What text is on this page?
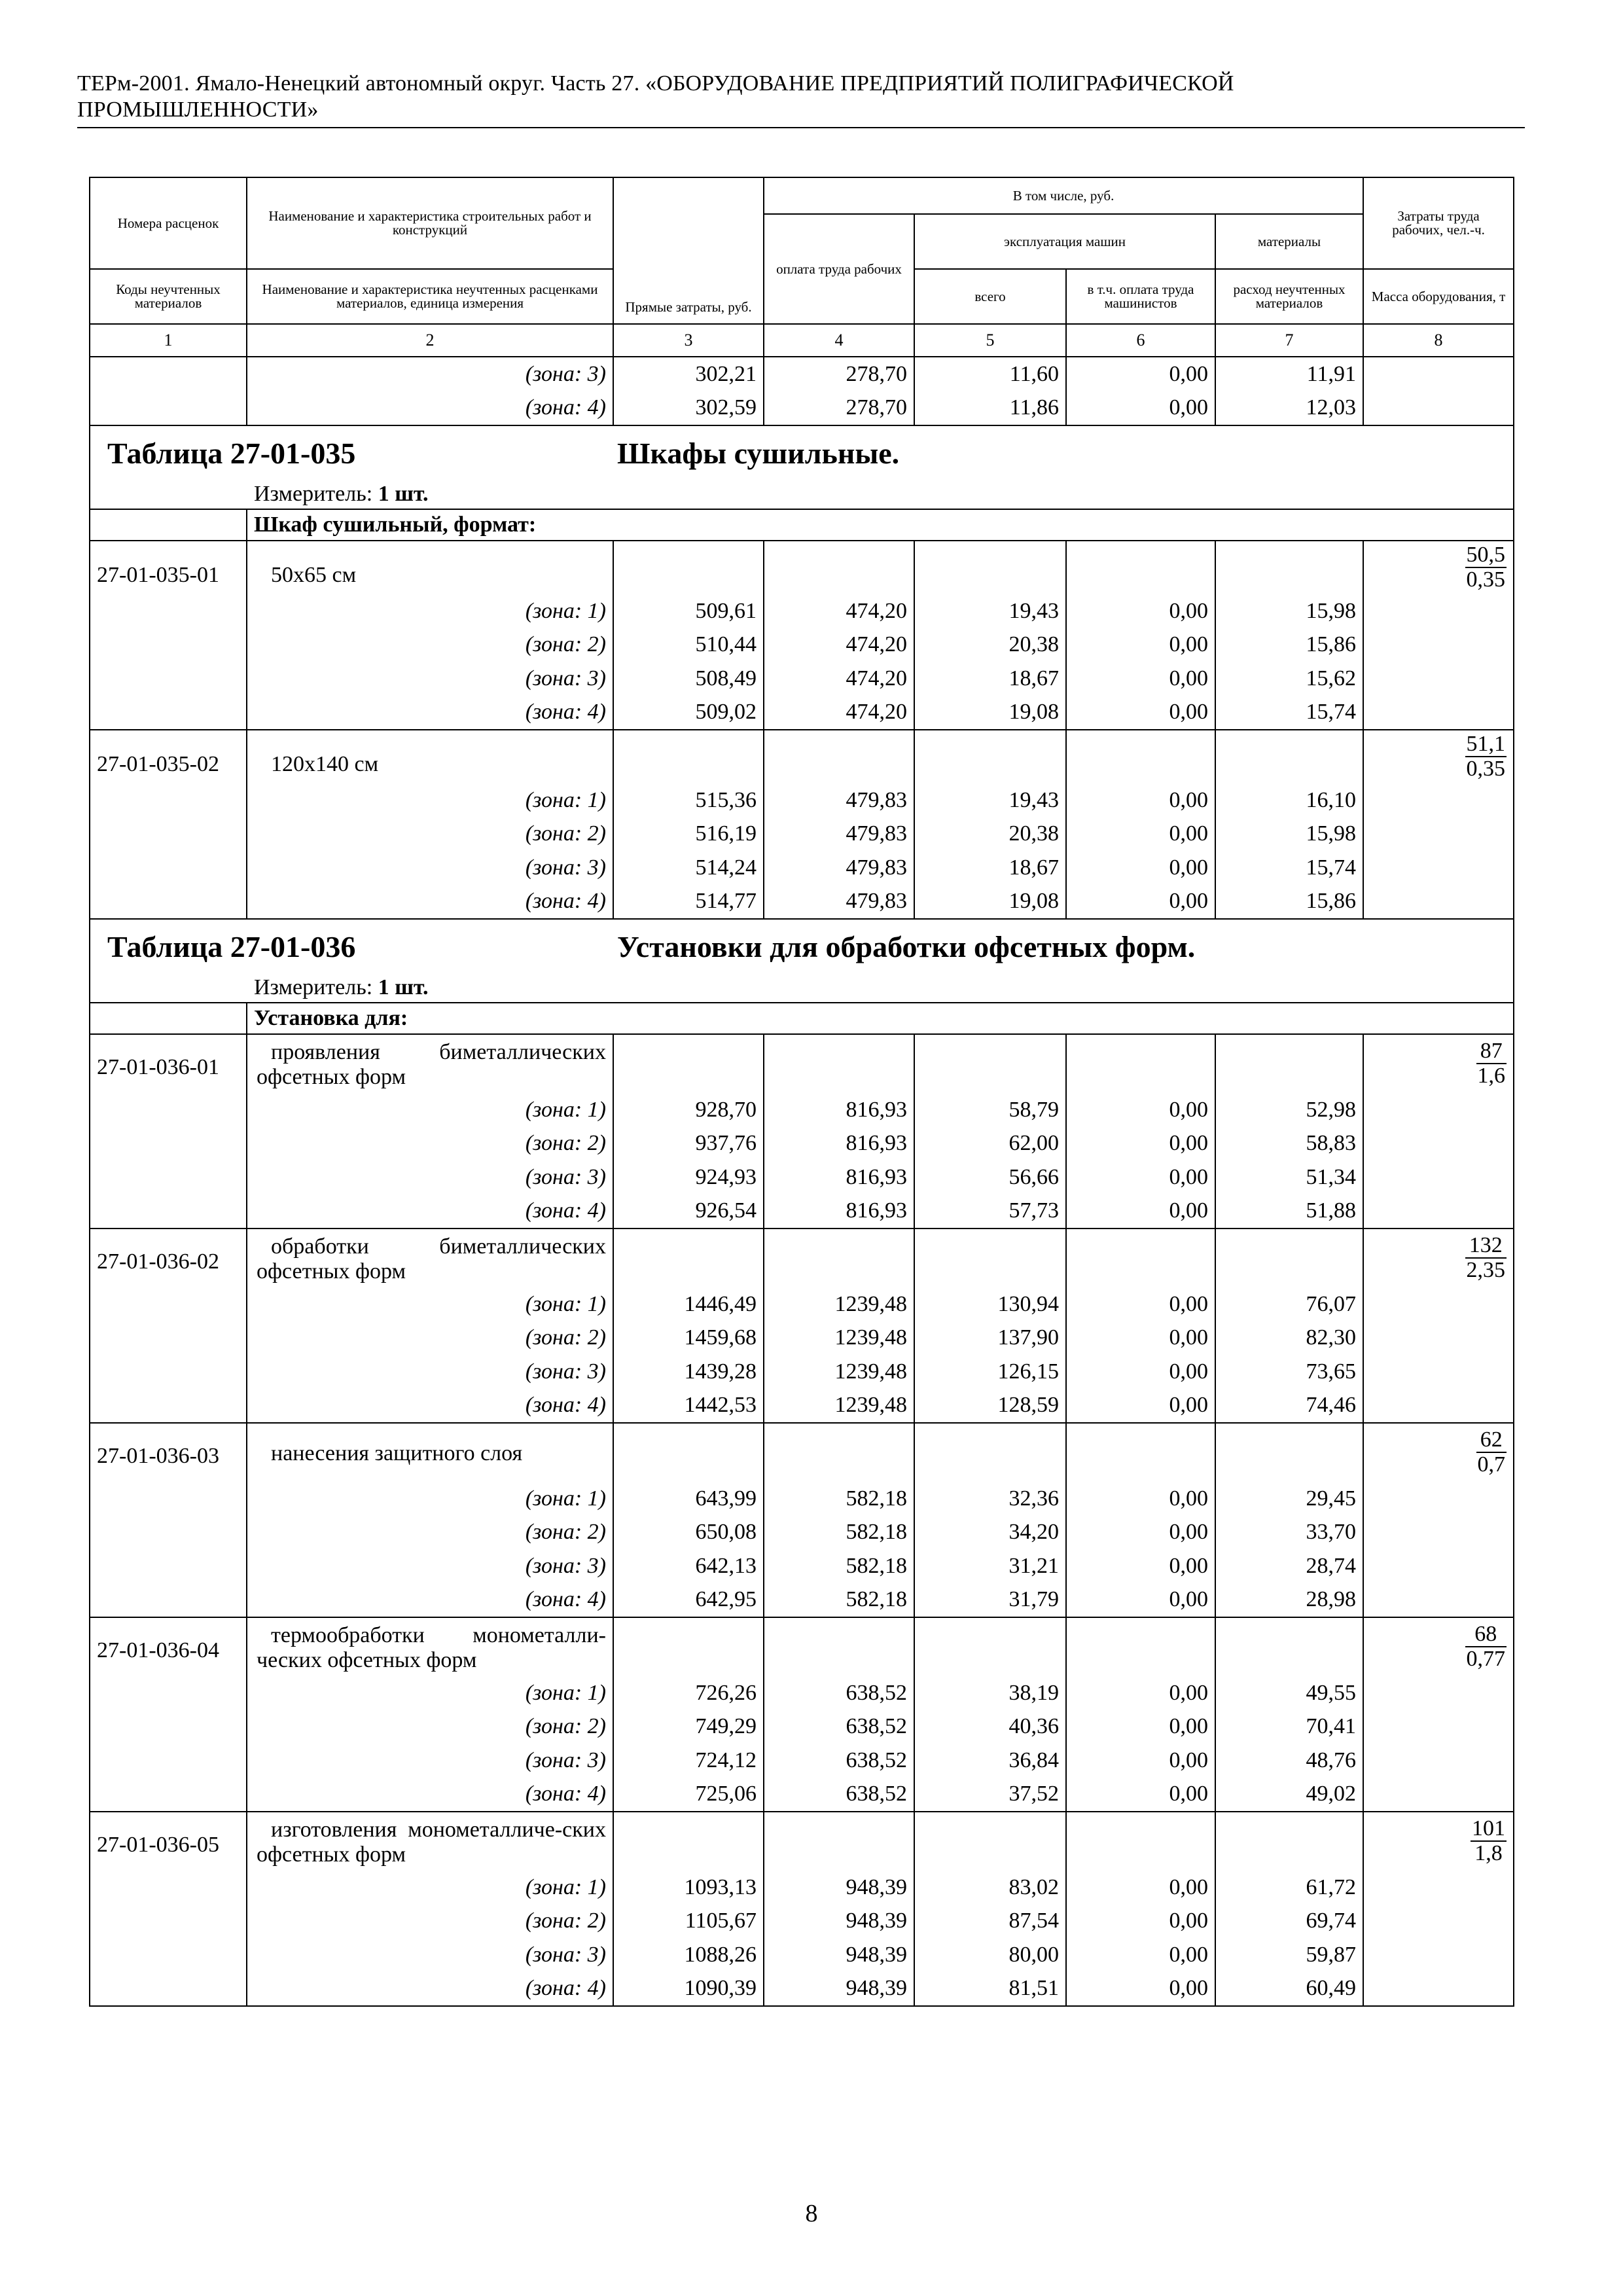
ТЕРм-2001. Ямало-Ненецкий автономный округ. Часть 27. «ОБОРУДОВАНИЕ ПРЕДПРИЯТИЙ ПОЛИГРАФИЧЕСКОЙ
ПРОМЫШЛЕННОСТИ»
Номера расценок	Наименование и характеристика строительных работ и конструкций	Прямые затраты, руб.	В том числе, руб.				Затраты труда рабочих, чел.-ч.
			оплата труда рабочих	эксплуатация машин		материалы	
Коды неучтенных материалов	Наименование и характеристика неучтенных расценками материалов, единица измерения			всего	в т.ч. оплата труда машинистов	расход неучтенных материалов	Масса оборудования, т
1	2	3	4	5	6	7	8
	(зона: 3)	302,21	278,70	11,60	0,00	11,91	
	(зона: 4)	302,59	278,70	11,86	0,00	12,03	

Таблица 27-01-035 Шкафы сушильные.							

Измеритель: 1 шт.							
	Шкаф сушильный, формат:						
27-01-035-01	50х65 см						$\frac{50,5}{0,35}$

	(зона: 1)	509,61	474,20	19,43	0,00	15,98	
	(зона: 2)	510,44	474,20	20,38	0,00	15,86	
	(зона: 3)	508,49	474,20	18,67	0,00	15,62	
	(зона: 4)	509,02	474,20	19,08	0,00	15,74	
27-01-035-02	120х140 см						$\frac{51,1}{0,35}$

	(зона: 1)	515,36	479,83	19,43	0,00	16,10	
	(зона: 2)	516,19	479,83	20,38	0,00	15,98	
	(зона: 3)	514,24	479,83	18,67	0,00	15,74	
	(зона: 4)	514,77	479,83	19,08	0,00	15,86	

Таблица 27-01-036 Установки для обработки офсетных форм.							

Измеритель: 1 шт.							
	Установка для:						
27-01-036-01	проявления биметаллических офсетных форм						$\frac{87}{1,6}$

	(зона: 1)	928,70	816,93	58,79	0,00	52,98	
	(зона: 2)	937,76	816,93	62,00	0,00	58,83	
	(зона: 3)	924,93	816,93	56,66	0,00	51,34	
	(зона: 4)	926,54	816,93	57,73	0,00	51,88	
27-01-036-02	обработки биметаллических офсетных форм						$\frac{132}{2,35}$

	(зона: 1)	1446,49	1239,48	130,94	0,00	76,07	
	(зона: 2)	1459,68	1239,48	137,90	0,00	82,30	
	(зона: 3)	1439,28	1239,48	126,15	0,00	73,65	
	(зона: 4)	1442,53	1239,48	128,59	0,00	74,46	
27-01-036-03	нанесения защитного слоя						$\frac{62}{0,7}$

	(зона: 1)	643,99	582,18	32,36	0,00	29,45	
	(зона: 2)	650,08	582,18	34,20	0,00	33,70	
	(зона: 3)	642,13	582,18	31,21	0,00	28,74	
	(зона: 4)	642,95	582,18	31,79	0,00	28,98	
27-01-036-04	термообработки монометалли-ческих офсетных форм						$\frac{68}{0,77}$

	(зона: 1)	726,26	638,52	38,19	0,00	49,55	
	(зона: 2)	749,29	638,52	40,36	0,00	70,41	
	(зона: 3)	724,12	638,52	36,84	0,00	48,76	
	(зона: 4)	725,06	638,52	37,52	0,00	49,02	
27-01-036-05	изготовления монометалличе-ских офсетных форм						$\frac{101}{1,8}$

	(зона: 1)	1093,13	948,39	83,02	0,00	61,72	
	(зона: 2)	1105,67	948,39	87,54	0,00	69,74	
	(зона: 3)	1088,26	948,39	80,00	0,00	59,87	
	(зона: 4)	1090,39	948,39	81,51	0,00	60,49	
8
